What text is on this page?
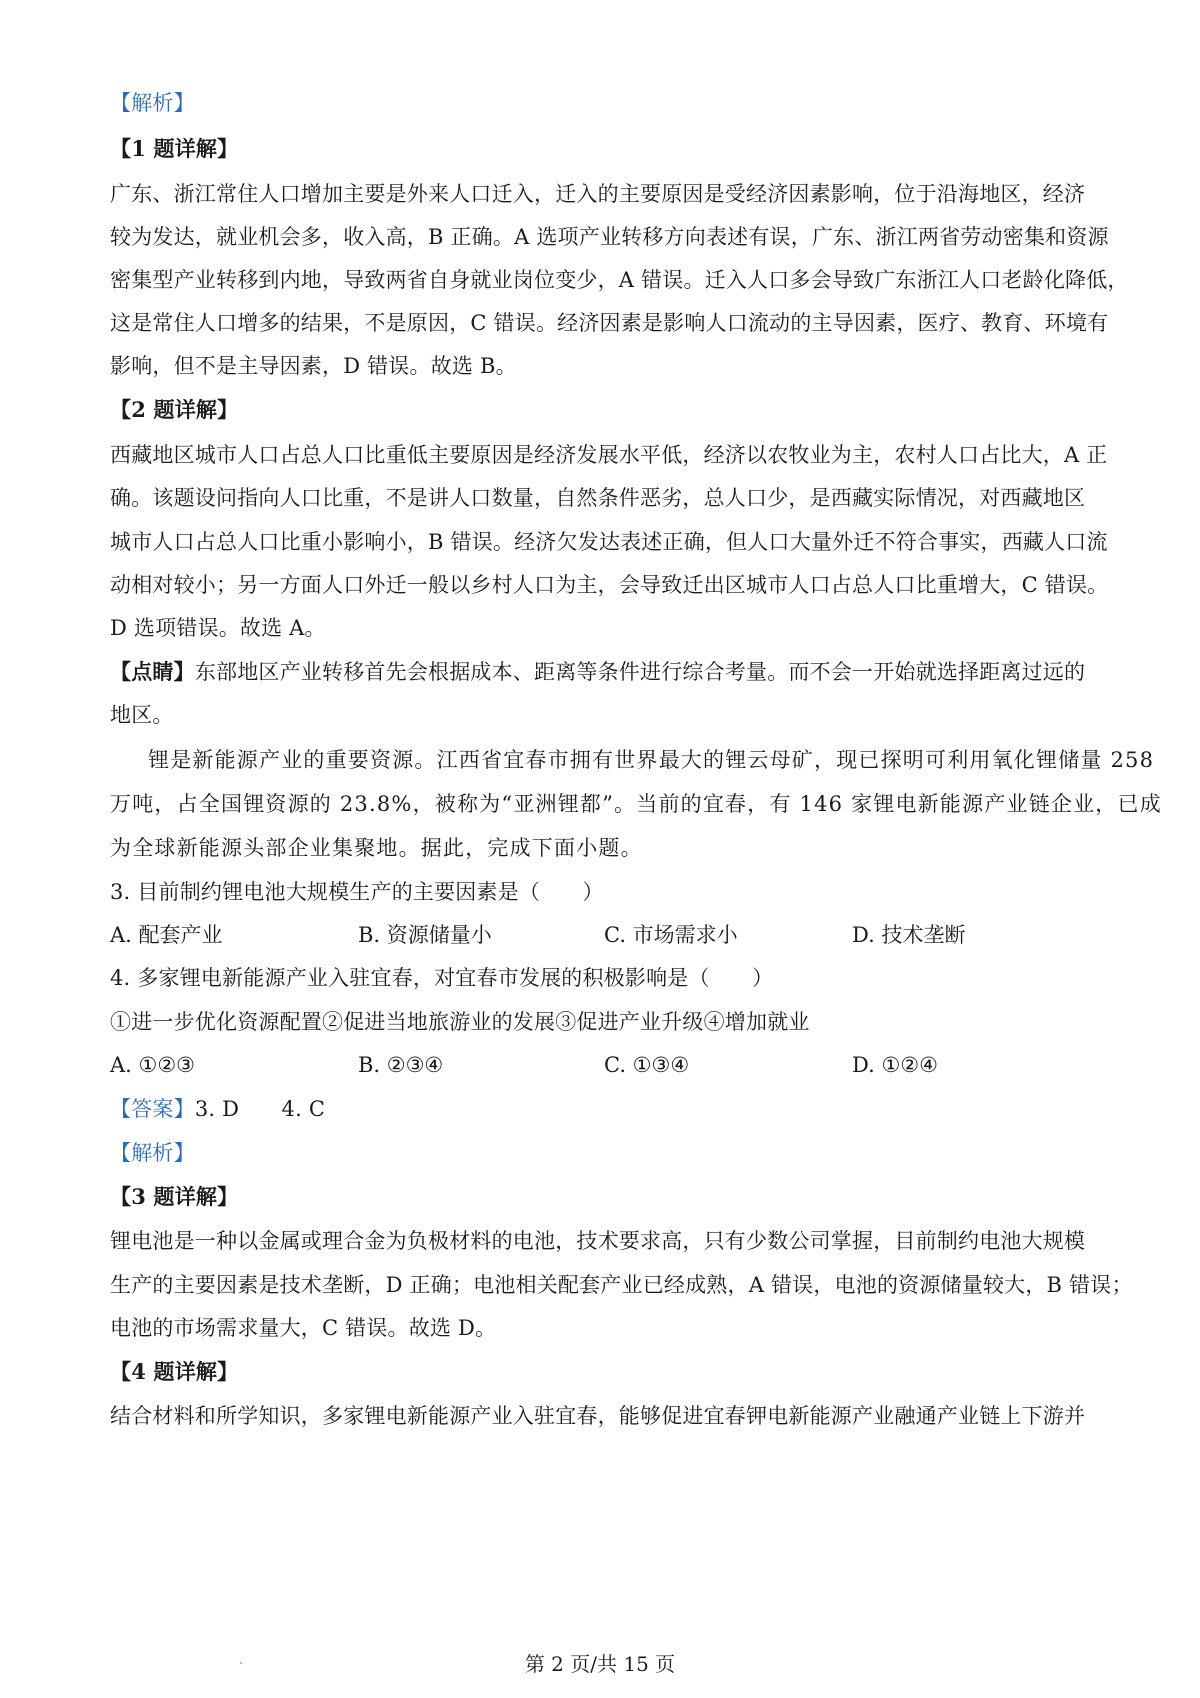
【解析】
【1 题详解】
广东、浙江常住人口增加主要是外来人口迁入，迁入的主要原因是受经济因素影响，位于沿海地区，经济
较为发达，就业机会多，收入高，B 正确。A 选项产业转移方向表述有误，广东、浙江两省劳动密集和资源
密集型产业转移到内地，导致两省自身就业岗位变少，A 错误。迁入人口多会导致广东浙江人口老龄化降低，
这是常住人口增多的结果，不是原因，C 错误。经济因素是影响人口流动的主导因素，医疗、教育、环境有
影响，但不是主导因素，D 错误。故选 B。
【2 题详解】
西藏地区城市人口占总人口比重低主要原因是经济发展水平低，经济以农牧业为主，农村人口占比大，A 正
确。该题设问指向人口比重，不是讲人口数量，自然条件恶劣，总人口少，是西藏实际情况，对西藏地区
城市人口占总人口比重小影响小，B 错误。经济欠发达表述正确，但人口大量外迁不符合事实，西藏人口流
动相对较小；另一方面人口外迁一般以乡村人口为主，会导致迁出区城市人口占总人口比重增大，C 错误。
D 选项错误。故选 A。
【点睛】东部地区产业转移首先会根据成本、距离等条件进行综合考量。而不会一开始就选择距离过远的
地区。
锂是新能源产业的重要资源。江西省宜春市拥有世界最大的锂云母矿，现已探明可利用氧化锂储量 258
万吨，占全国锂资源的 23.8%，被称为“亚洲锂都”。当前的宜春，有 146 家锂电新能源产业链企业，已成
为全球新能源头部企业集聚地。据此，完成下面小题。
3. 目前制约锂电池大规模生产的主要因素是（　　）
A. 配套产业	B. 资源储量小	C. 市场需求小	D. 技术垄断
4. 多家锂电新能源产业入驻宜春，对宜春市发展的积极影响是（　　）
①进一步优化资源配置②促进当地旅游业的发展③促进产业升级④增加就业
A. ①②③	B. ②③④	C. ①③④	D. ①②④
【答案】3. D　　4. C
【解析】
【3 题详解】
锂电池是一种以金属或理合金为负极材料的电池，技术要求高，只有少数公司掌握，目前制约电池大规模
生产的主要因素是技术垄断，D 正确；电池相关配套产业已经成熟，A 错误，电池的资源储量较大，B 错误；
电池的市场需求量大，C 错误。故选 D。
【4 题详解】
结合材料和所学知识，多家锂电新能源产业入驻宜春，能够促进宜春钾电新能源产业融通产业链上下游并
第 2 页/共 15 页
